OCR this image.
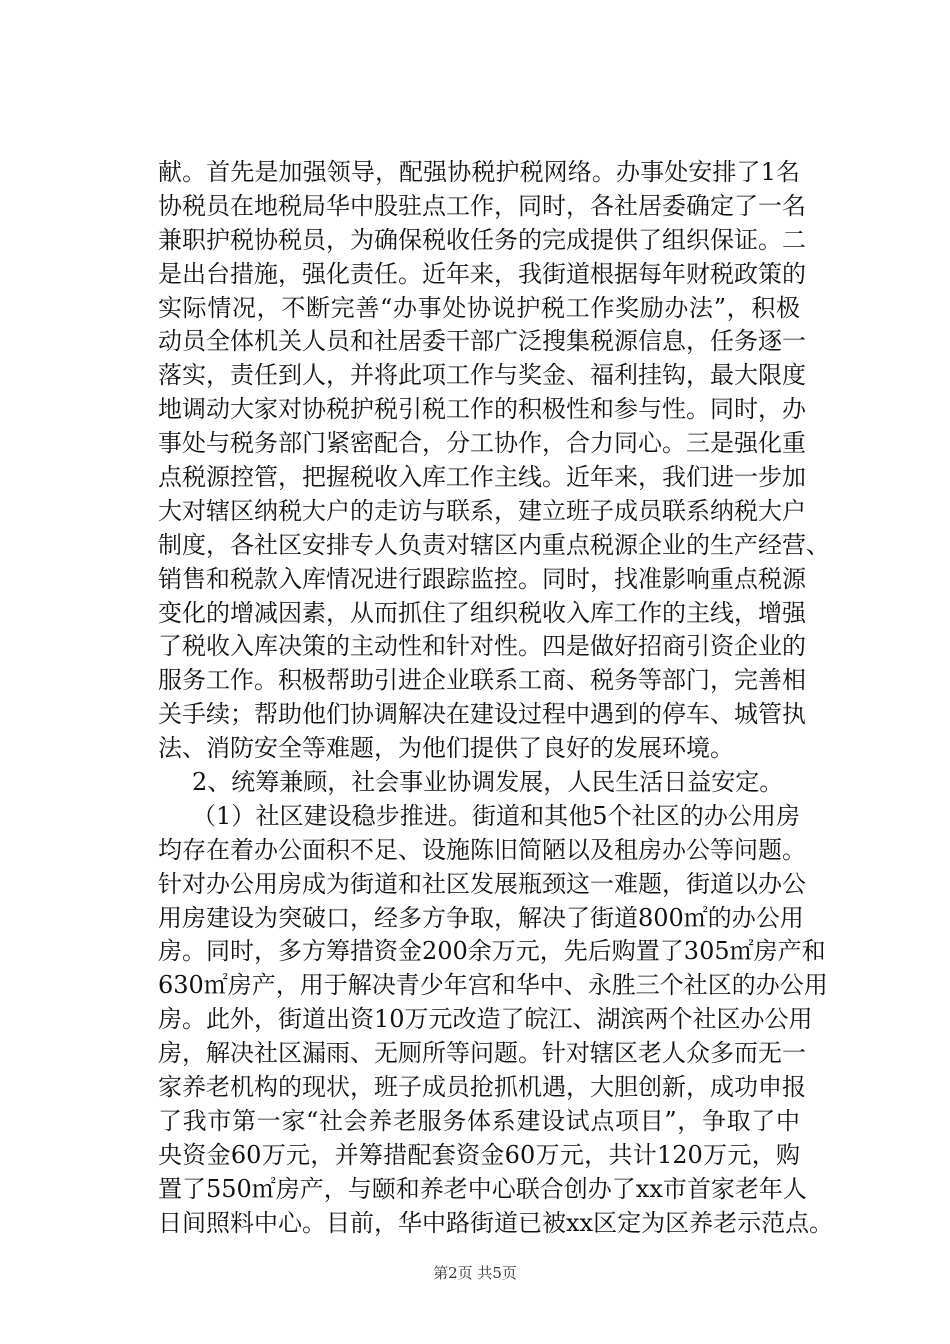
献。首先是加强领导，配强协税护税网络。办事处安排了1名
协税员在地税局华中股驻点工作，同时，各社居委确定了一名
兼职护税协税员，为确保税收任务的完成提供了组织保证。二
是出台措施，强化责任。近年来，我街道根据每年财税政策的
实际情况，不断完善“办事处协说护税工作奖励办法”，积极
动员全体机关人员和社居委干部广泛搜集税源信息，任务逐一
落实，责任到人，并将此项工作与奖金、福利挂钩，最大限度
地调动大家对协税护税引税工作的积极性和参与性。同时，办
事处与税务部门紧密配合，分工协作，合力同心。三是强化重
点税源控管，把握税收入库工作主线。近年来，我们进一步加
大对辖区纳税大户的走访与联系，建立班子成员联系纳税大户
制度，各社区安排专人负责对辖区内重点税源企业的生产经营、
销售和税款入库情况进行跟踪监控。同时，找准影响重点税源
变化的增减因素，从而抓住了组织税收入库工作的主线，增强
了税收入库决策的主动性和针对性。四是做好招商引资企业的
服务工作。积极帮助引进企业联系工商、税务等部门，完善相
关手续；帮助他们协调解决在建设过程中遇到的停车、城管执
法、消防安全等难题，为他们提供了良好的发展环境。
2、统筹兼顾，社会事业协调发展，人民生活日益安定。
（1）社区建设稳步推进。街道和其他5个社区的办公用房
均存在着办公面积不足、设施陈旧简陋以及租房办公等问题。
针对办公用房成为街道和社区发展瓶颈这一难题，街道以办公
用房建设为突破口，经多方争取，解决了街道800㎡的办公用
房。同时，多方筹措资金200余万元，先后购置了305㎡房产和
630㎡房产，用于解决青少年宫和华中、永胜三个社区的办公用
房。此外，街道出资10万元改造了皖江、湖滨两个社区办公用
房，解决社区漏雨、无厕所等问题。针对辖区老人众多而无一
家养老机构的现状，班子成员抢抓机遇，大胆创新，成功申报
了我市第一家“社会养老服务体系建设试点项目”，争取了中
央资金60万元，并筹措配套资金60万元，共计120万元，购
置了550㎡房产，与颐和养老中心联合创办了xx市首家老年人
日间照料中心。目前，华中路街道已被xx区定为区养老示范点。
第2页 共5页
